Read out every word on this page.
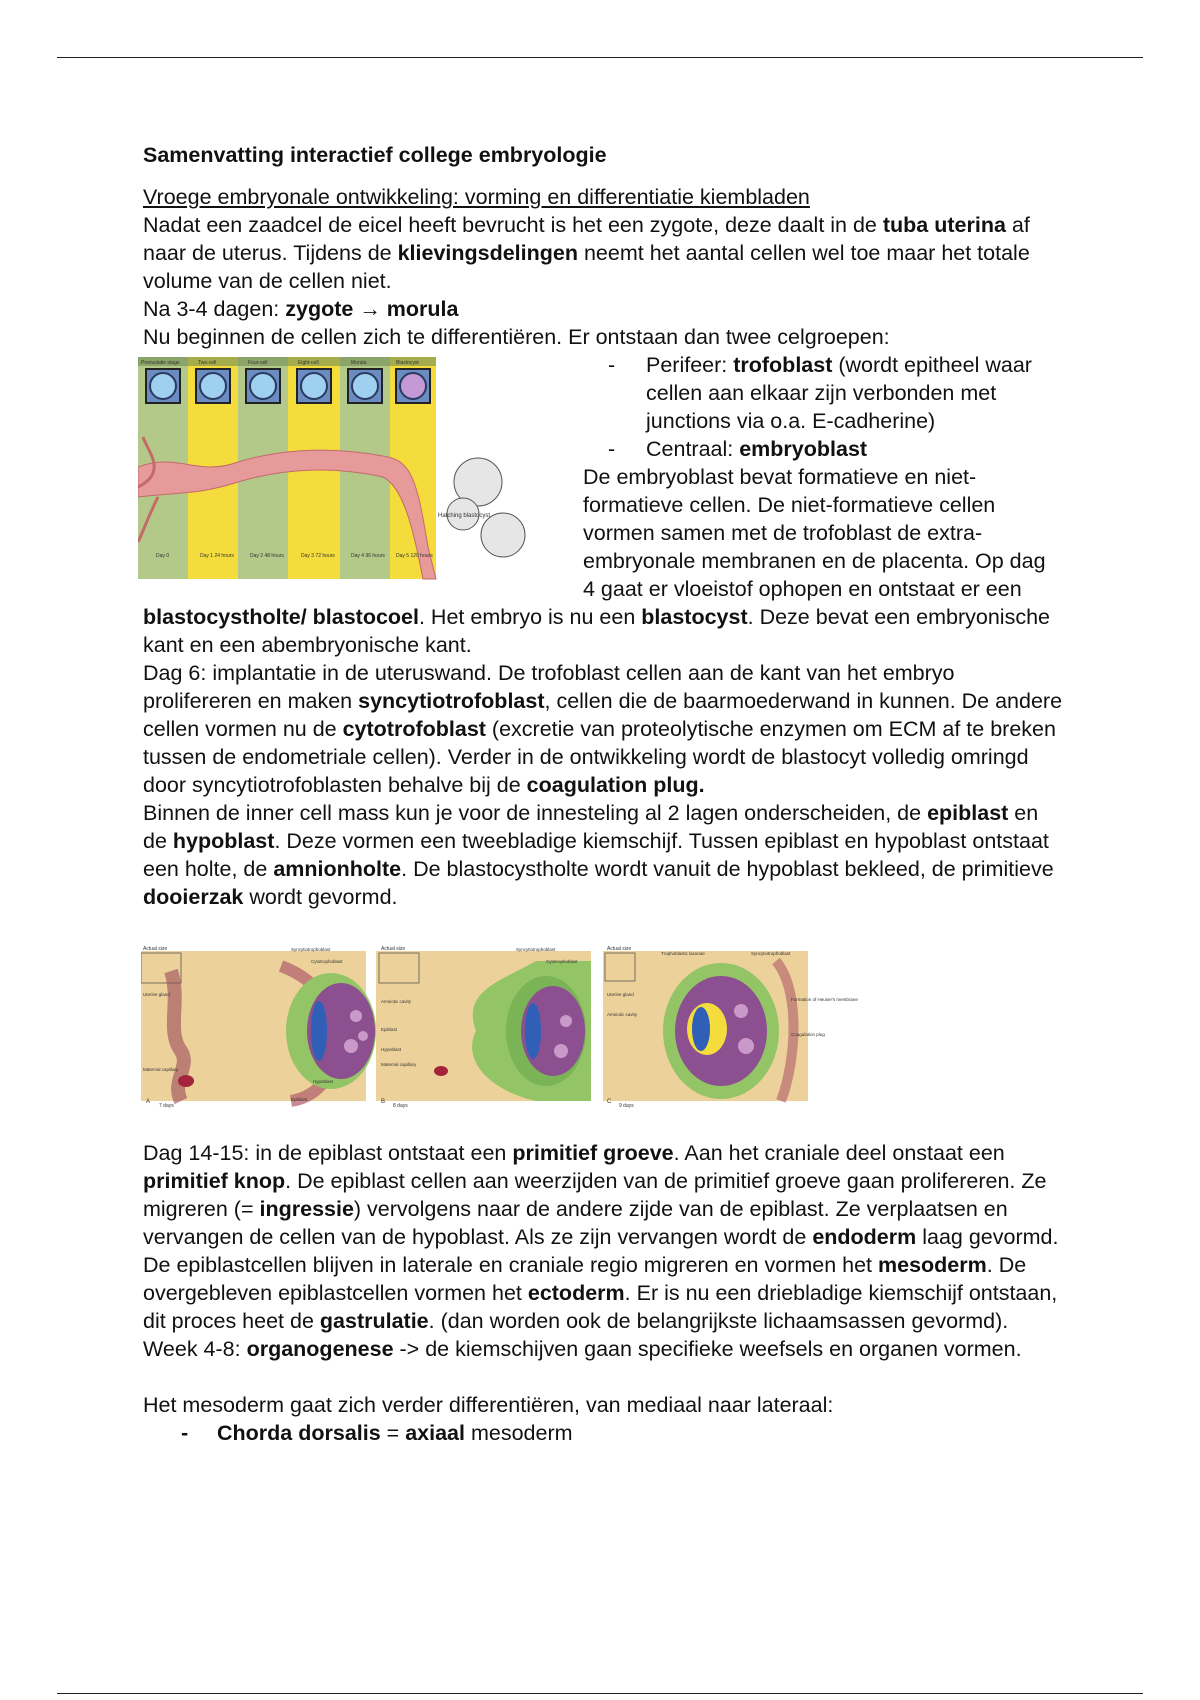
Samenvatting interactief college embryologie

Vroege embryonale ontwikkeling: vorming en differentiatie kiembladen

Nadat een zaadcel de eicel heeft bevrucht is het een zygote, deze daalt in de tuba uterina af naar de uterus. Tijdens de klievingsdelingen neemt het aantal cellen wel toe maar het totale volume van de cellen niet.

Na 3-4 dagen: zygote → morula

Nu beginnen de cellen zich te differentiëren. Er ontstaan dan twee celgroepen:

Preovulatie stage	Two-cell	Four-cell	Eight-cell	Morula	Blastocyst
Hatching blastocyst
Day 0	Day 1 24 hours	Day 2 48 hours	Day 3 72 hours	Day 4 96 hours Day 5 120 hours
- Perifeer: trofoblast (wordt epitheel waar cellen aan elkaar zijn verbonden met junctions via o.a. E-cadherine)
- Centraal: embryoblast

De embryoblast bevat formatieve en niet-formatieve cellen. De niet-formatieve cellen vormen samen met de trofoblast de extra-embryonale membranen en de placenta. Op dag 4 gaat er vloeistof ophopen en ontstaat er een blastocystholte/ blastocoel. Het embryo is nu een blastocyst. Deze bevat een embryonische kant en een abembryonische kant.

Dag 6: implantatie in de uteruswand. De trofoblast cellen aan de kant van het embryo prolifereren en maken syncytiotrofoblast, cellen die de baarmoederwand in kunnen. De andere cellen vormen nu de cytotrofoblast (excretie van proteolytische enzymen om ECM af te breken tussen de endometriale cellen). Verder in de ontwikkeling wordt de blastocyt volledig omringd door syncytiotrofoblasten behalve bij de coagulation plug.

Binnen de inner cell mass kun je voor de innesteling al 2 lagen onderscheiden, de epiblast en de hypoblast. Deze vormen een tweebladige kiemschijf. Tussen epiblast en hypoblast ontstaat een holte, de amnionholte. De blastocystholte wordt vanuit de hypoblast bekleed, de primitieve dooierzak wordt gevormd.

Actual size
A
7 days
Syncytiotrophoblast
Cytotrophoblast
Uterine gland
Maternal capillary
Hypoblast
Epiblast
Actual size
B
8 days
Syncytiotrophoblast
Cytotrophoblast
Amniotic cavity
Epiblast
Hypoblast
Maternal capillary
Actual size
C
9 days
Trophoblastic lacunae	Syncytiotrophoblast
Uterine gland
Amniotic cavity
Formation of Heuser's membrane
Coagulation plug

Dag 14-15: in de epiblast ontstaat een primitief groeve. Aan het craniale deel onstaat een primitief knop. De epiblast cellen aan weerzijden van de primitief groeve gaan prolifereren. Ze migreren (= ingressie) vervolgens naar de andere zijde van de epiblast. Ze verplaatsen en vervangen de cellen van de hypoblast. Als ze zijn vervangen wordt de endoderm laag gevormd. De epiblastcellen blijven in laterale en craniale regio migreren en vormen het mesoderm. De overgebleven epiblastcellen vormen het ectoderm. Er is nu een driebladige kiemschijf ontstaan, dit proces heet de gastrulatie. (dan worden ook de belangrijkste lichaamsassen gevormd).

Week 4-8: organogenese -> de kiemschijven gaan specifieke weefsels en organen vormen.

Het mesoderm gaat zich verder differentiëren, van mediaal naar lateraal:

- Chorda dorsalis = axiaal mesoderm
